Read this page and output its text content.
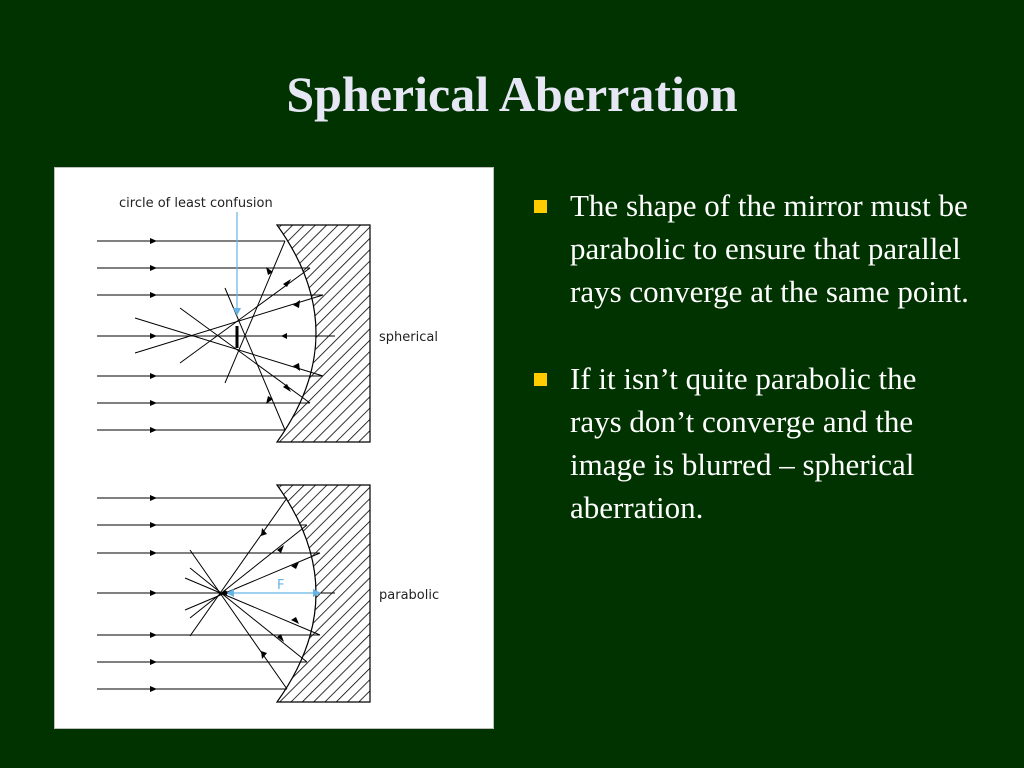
Spherical Aberration
circle of least confusion
spherical
F
parabolic
The shape of the mirror must be parabolic to ensure that parallel rays converge at the same point.
If it isn’t quite parabolic the rays don’t converge and the image is blurred – spherical aberration.
